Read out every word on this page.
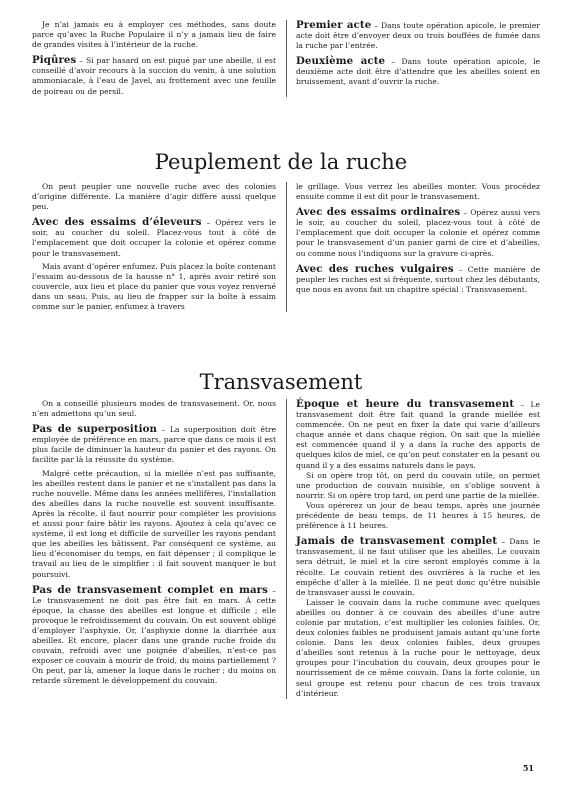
Je n’ai jamais eu à employer ces méthodes, sans doute parce qu’avec la Ruche Populaire il n’y a jamais lieu de faire de grandes visites à l’intérieur de la ruche.

Piqûres – Si par hasard on est piqué par une abeille, il est conseillé d’avoir recours à la succion du venin, à une solution ammoniacale, à l’eau de Javel, au frottement avec une feuille de poireau ou de persil.

Premier acte – Dans toute opération apicole, le premier acte doit être d’envoyer deux ou trois bouffées de fumée dans la ruche par l’entrée.

Deuxième acte – Dans toute opération apicole, le deuxième acte doit être d’attendre que les abeilles soient en bruissement, avant d’ouvrir la ruche.

Peuplement de la ruche

On peut peupler une nouvelle ruche avec des colonies d’origine différente. La manière d’agir diffère aussi quelque peu.

Avec des essaims d’éleveurs – Opérez vers le soir, au coucher du soleil. Placez-vous tout à côté de l’emplacement que doit occuper la colonie et opérez comme pour le transvasement.

Mais avant d’opérer enfumez. Puis placez la boîte contenant l’essaim au-dessous de la hausse n° 1, après avoir retiré son couvercle, aux lieu et place du panier que vous voyez renversé dans un seau. Puis, au lieu de frapper sur la boîte à essaim comme sur le panier, enfumez à travers

le grillage. Vous verrez les abeilles monter. Vous procédez ensuite comme il est dit pour le transvasement.

Avec des essaims ordinaires – Opérez aussi vers le soir, au coucher du soleil, placez-vous tout à côté de l’emplacement que doit occuper la colonie et opérez comme pour le transvasement d’un panier garni de cire et d’abeilles, ou comme nous l’indiquons sur la gravure ci-après.

Avec des ruches vulgaires – Cette manière de peupler les ruches est si fréquente, surtout chez les débutants, que nous en avons fait un chapitre spécial : Transvasement.

Transvasement

On a conseillé plusieurs modes de transvasement. Or, nous n’en admettons qu’un seul.

Pas de superposition – La superposition doit être employée de préférence en mars, parce que dans ce mois il est plus facile de diminuer la hauteur du panier et des rayons. On facilite par là la réussite du système.

Malgré cette précaution, si la miellée n’est pas suffisante, les abeilles restent dans le panier et ne s’installent pas dans la ruche nouvelle. Même dans les années mellifères, l’installation des abeilles dans la ruche nouvelle est souvent insuffisante. Après la récolte, il faut nourrir pour compléter les provisions et aussi pour faire bâtir les rayons. Ajoutez à cela qu’avec ce système, il est long et difficile de surveiller les rayons pendant que les abeilles les bâtissent. Par conséquent ce système, au lieu d’économiser du temps, en fait dépenser ; il complique le travail au lieu de le simplifier : il fait souvent manquer le but poursuivi.

Pas de transvasement complet en mars – Le transvasement ne doit pas être fait en mars. À cette époque, la chasse des abeilles est longue et difficile ; elle provoque le refroidissement du couvain. On est souvent obligé d’employer l’asphyxie. Or, l’asphyxie donne la diarrhée aux abeilles. Et encore, placer dans une grande ruche froide du couvain, refroidi avec une poignée d’abeilles, n’est-ce pas exposer ce couvain à mourir de froid, du moins partiellement ? On peut, par là, amener la loque dans le rucher ; du moins on retarde sûrement le développement du couvain.

Époque et heure du transvasement – Le transvasement doit être fait quand la grande miellée est commencée. On ne peut en fixer la date qui varie d’ailleurs chaque année et dans chaque région. On sait que la miellée est commencée quand il y a dans la ruche des apports de quelques kilos de miel, ce qu’on peut constater en la pesant ou quand il y a des essaims naturels dans le pays.

Si on opère trop tôt, on perd du couvain utile, on permet une production de couvain nuisible, on s’oblige souvent à nourrir. Si on opère trop tard, on perd une partie de la miellée.

Vous opérerez un jour de beau temps, après une journée précédente de beau temps, de 11 heures à 15 heures, de préférence à 11 heures.

Jamais de transvasement complet – Dans le transvasement, il ne faut utiliser que les abeilles. Le couvain sera détruit, le miel et la cire seront employés comme à la récolte. Le couvain retient des ouvrières à la ruche et les empêche d’aller à la miellée. Il ne peut donc qu’être nuisible de transvaser aussi le couvain.

Laisser le couvain dans la ruche commune avec quelques abeilles ou donner à ce couvain des abeilles d’une autre colonie par mutation, c’est multiplier les colonies faibles. Or, deux colonies faibles ne produisent jamais autant qu’une forte colonie. Dans les deux colonies faibles, deux groupes d’abeilles sont retenus à la ruche pour le nettoyage, deux groupes pour l’incubation du couvain, deux groupes pour le nourrissement de ce même couvain. Dans la forte colonie, un seul groupe est retenu pour chacun de ces trois travaux d’intérieur.

51
